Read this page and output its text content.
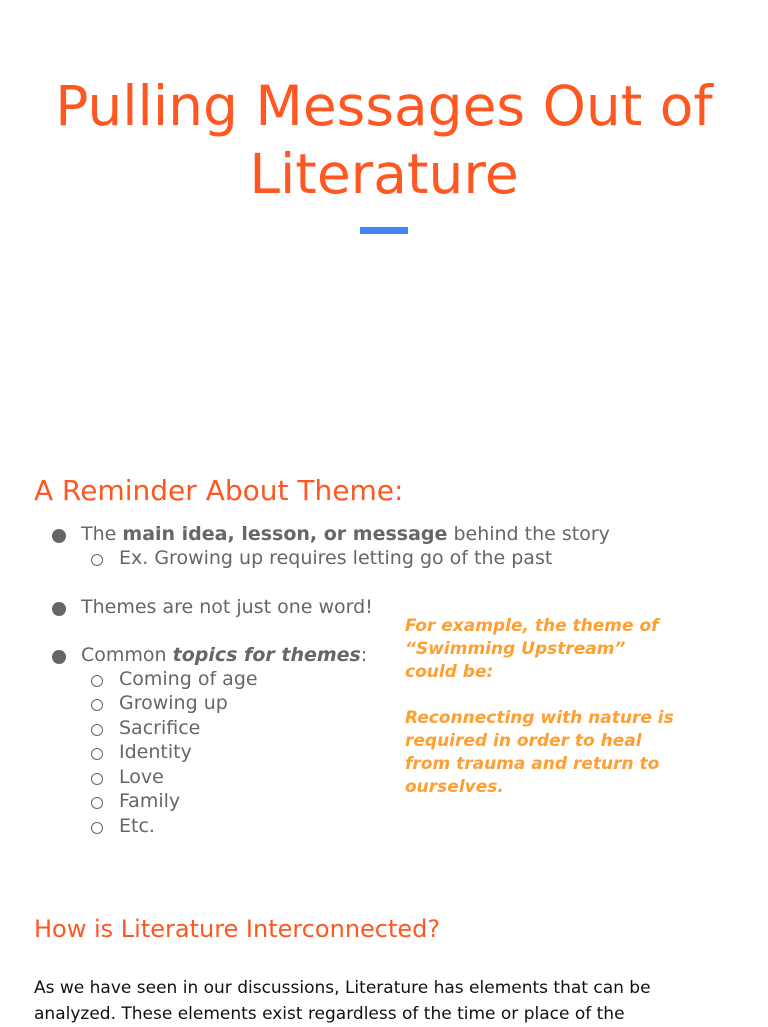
Pulling Messages Out of
Literature
A Reminder About Theme:
The main idea, lesson, or message behind the story
Ex. Growing up requires letting go of the past
Themes are not just one word!
Common topics for themes:
Coming of age
Growing up
Sacrifice
Identity
Love
Family
Etc.
For example, the theme of
“Swimming Upstream”
could be:
Reconnecting with nature is
required in order to heal
from trauma and return to
ourselves.
How is Literature Interconnected?
As we have seen in our discussions, Literature has elements that can be
analyzed. These elements exist regardless of the time or place of the
